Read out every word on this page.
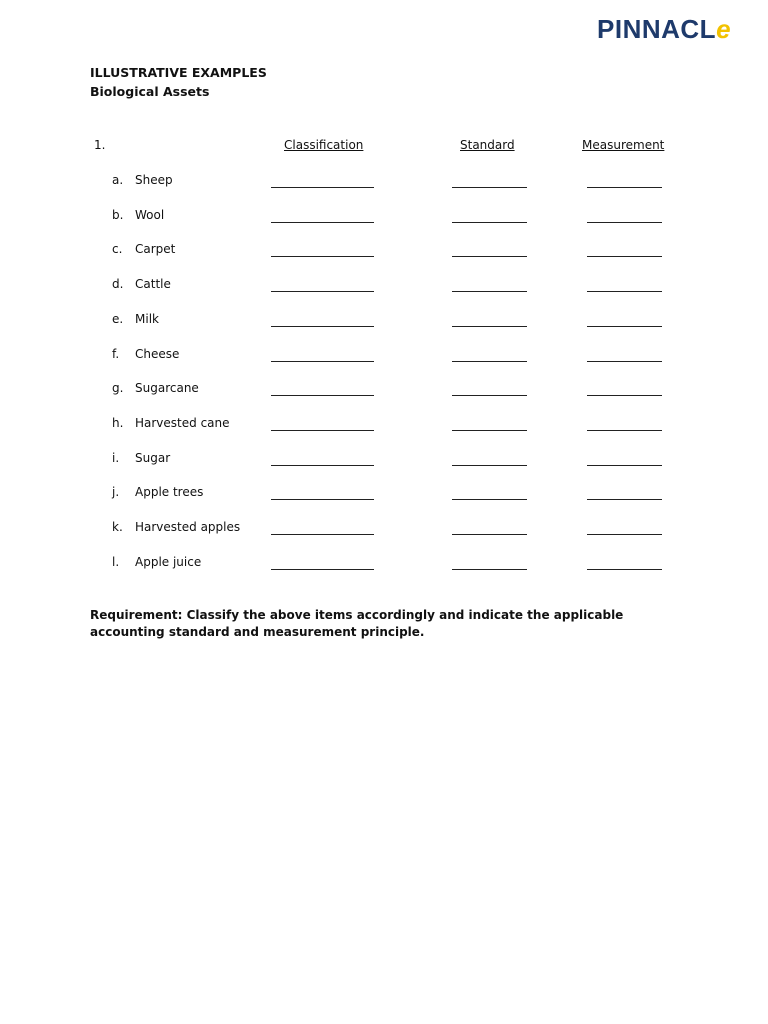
PINNACLe
ILLUSTRATIVE EXAMPLES
Biological Assets
1.	Classification	Standard	Measurement
a. Sheep
b. Wool
c. Carpet
d. Cattle
e. Milk
f. Cheese
g. Sugarcane
h. Harvested cane
i. Sugar
j. Apple trees
k. Harvested apples
l. Apple juice
Requirement: Classify the above items accordingly and indicate the applicable accounting standard and measurement principle.
